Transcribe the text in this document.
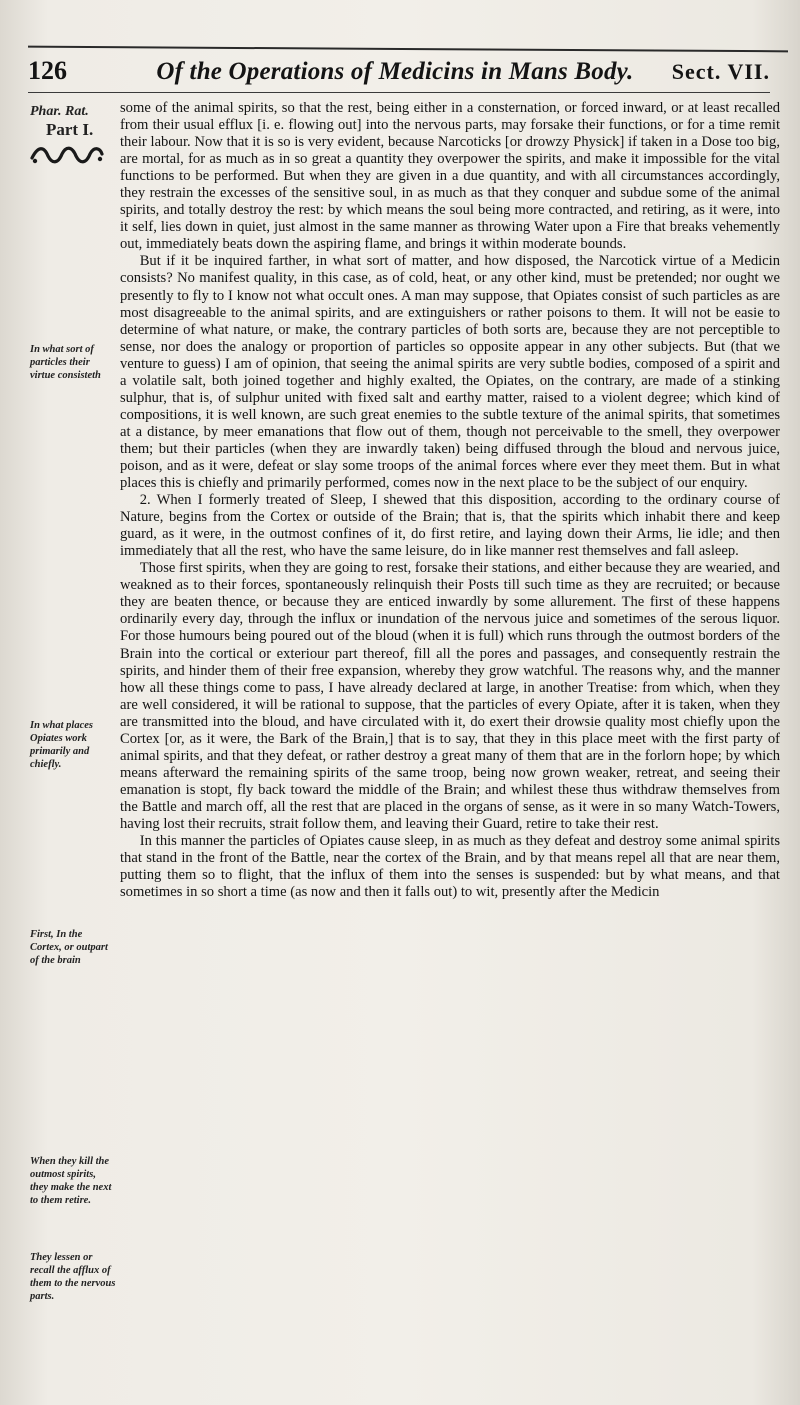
126	Of the Operations of Medicins in Mans Body.	Sect. VII.
Phar. Rat.
Part I.
In what sort of particles their virtue consisteth
In what places Opiates work primarily and chiefly.
First, In the Cortex, or outpart of the brain
When they kill the outmost spirits, they make the next to them retire.
They lessen or recall the afflux of them to the nervous parts.

some of the animal spirits, so that the rest, being either in a consternation, or forced inward, or at least recalled from their usual efflux [i. e. flowing out] into the nervous parts, may forsake their functions, or for a time remit their labour. Now that it is so is very evident, because Narcoticks [or drowzy Physick] if taken in a Dose too big, are mortal, for as much as in so great a quantity they overpower the spirits, and make it impossible for the vital functions to be performed. But when they are given in a due quantity, and with all circumstances accordingly, they restrain the excesses of the sensitive soul, in as much as that they conquer and subdue some of the animal spirits, and totally destroy the rest: by which means the soul being more contracted, and retiring, as it were, into it self, lies down in quiet, just almost in the same manner as throwing Water upon a Fire that breaks vehemently out, immediately beats down the aspiring flame, and brings it within moderate bounds.

But if it be inquired farther, in what sort of matter, and how disposed, the Narcotick virtue of a Medicin consists? No manifest quality, in this case, as of cold, heat, or any other kind, must be pretended; nor ought we presently to fly to I know not what occult ones. A man may suppose, that Opiates consist of such particles as are most disagreeable to the animal spirits, and are extinguishers or rather poisons to them. It will not be easie to determine of what nature, or make, the contrary particles of both sorts are, because they are not perceptible to sense, nor does the analogy or proportion of particles so opposite appear in any other subjects. But (that we venture to guess) I am of opinion, that seeing the animal spirits are very subtle bodies, composed of a spirit and a volatile salt, both joined together and highly exalted, the Opiates, on the contrary, are made of a stinking sulphur, that is, of sulphur united with fixed salt and earthy matter, raised to a violent degree; which kind of compositions, it is well known, are such great enemies to the subtle texture of the animal spirits, that sometimes at a distance, by meer emanations that flow out of them, though not perceivable to the smell, they overpower them; but their particles (when they are inwardly taken) being diffused through the bloud and nervous juice, poison, and as it were, defeat or slay some troops of the animal forces where ever they meet them. But in what places this is chiefly and primarily performed, comes now in the next place to be the subject of our enquiry.

2. When I formerly treated of Sleep, I shewed that this disposition, according to the ordinary course of Nature, begins from the Cortex or outside of the Brain; that is, that the spirits which inhabit there and keep guard, as it were, in the outmost confines of it, do first retire, and laying down their Arms, lie idle; and then immediately that all the rest, who have the same leisure, do in like manner rest themselves and fall asleep.

Those first spirits, when they are going to rest, forsake their stations, and either because they are wearied, and weakned as to their forces, spontaneously relinquish their Posts till such time as they are recruited; or because they are beaten thence, or because they are enticed inwardly by some allurement. The first of these happens ordinarily every day, through the influx or inundation of the nervous juice and sometimes of the serous liquor. For those humours being poured out of the bloud (when it is full) which runs through the outmost borders of the Brain into the cortical or exteriour part thereof, fill all the pores and passages, and consequently restrain the spirits, and hinder them of their free expansion, whereby they grow watchful. The reasons why, and the manner how all these things come to pass, I have already declared at large, in another Treatise: from which, when they are well considered, it will be rational to suppose, that the particles of every Opiate, after it is taken, when they are transmitted into the bloud, and have circulated with it, do exert their drowsie quality most chiefly upon the Cortex [or, as it were, the Bark of the Brain,] that is to say, that they in this place meet with the first party of animal spirits, and that they defeat, or rather destroy a great many of them that are in the forlorn hope; by which means afterward the remaining spirits of the same troop, being now grown weaker, retreat, and seeing their emanation is stopt, fly back toward the middle of the Brain; and whilest these thus withdraw themselves from the Battle and march off, all the rest that are placed in the organs of sense, as it were in so many Watch-Towers, having lost their recruits, strait follow them, and leaving their Guard, retire to take their rest.

In this manner the particles of Opiates cause sleep, in as much as they defeat and destroy some animal spirits that stand in the front of the Battle, near the cortex of the Brain, and by that means repel all that are near them, putting them so to flight, that the influx of them into the senses is suspended: but by what means, and that sometimes in so short a time (as now and then it falls out) to wit, presently after the Medicin
